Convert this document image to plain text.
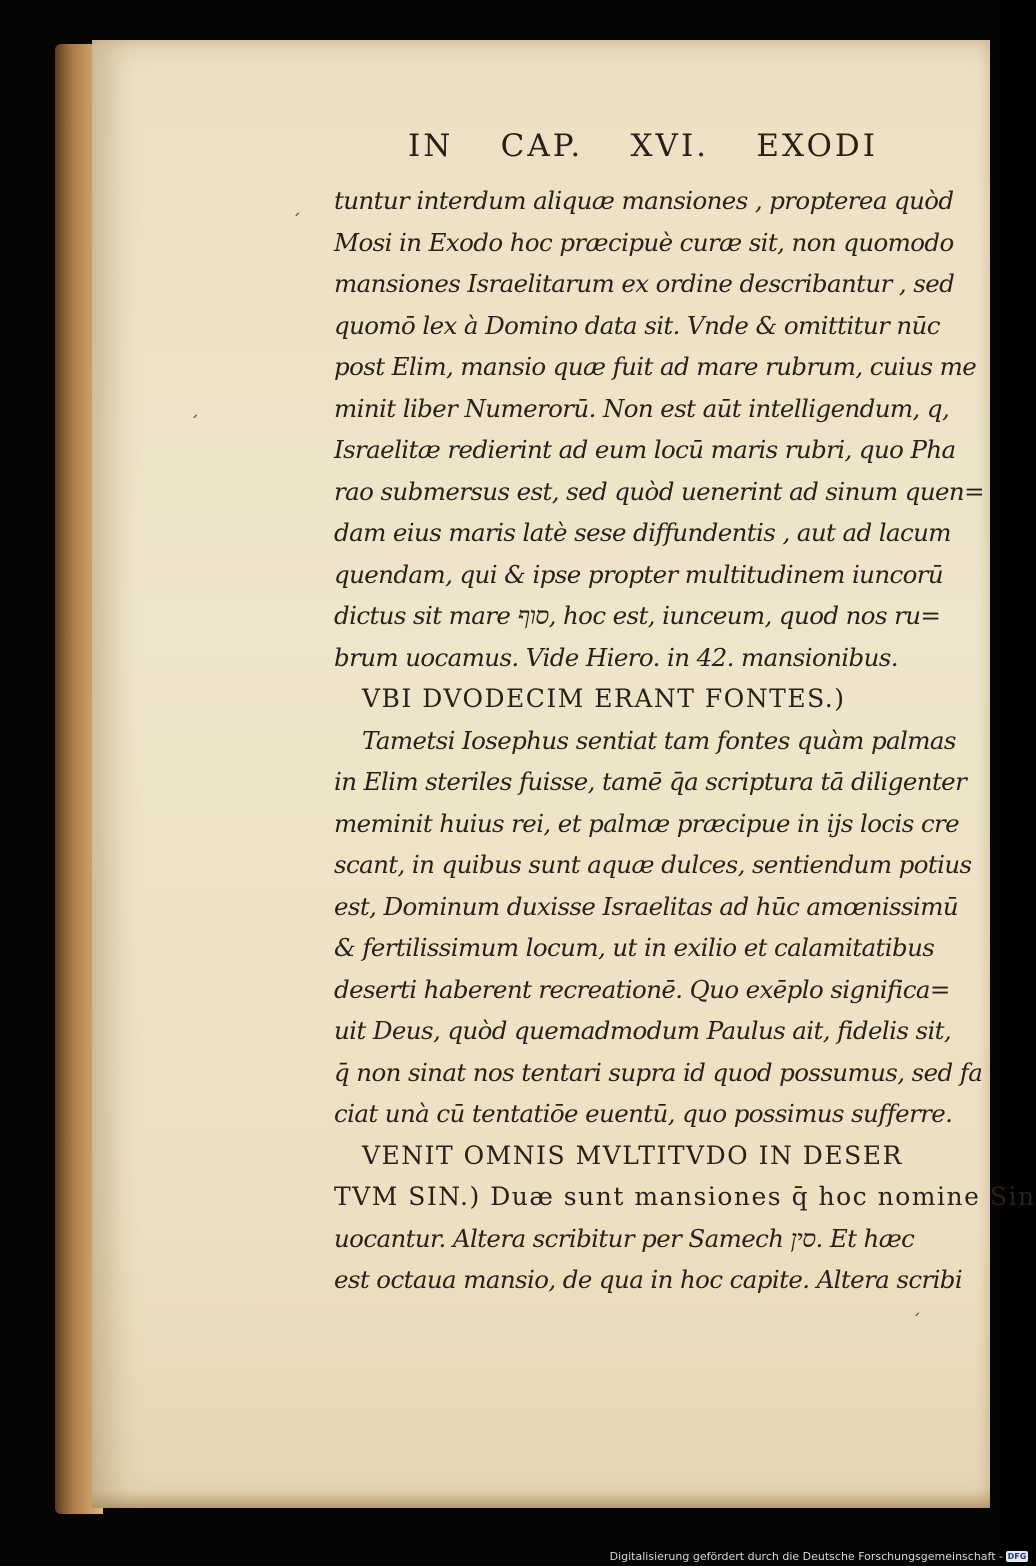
IN CAP. XVI. EXODI
tuntur interdum aliquæ mansiones , propterea quòd
Mosi in Exodo hoc præcipuè curæ sit, non quomodo
mansiones Israelitarum ex ordine describantur , sed
quomō lex à Domino data sit. Vnde & omittitur nūc
post Elim, mansio quæ fuit ad mare rubrum, cuius me
minit liber Numerorū. Non est aūt intelligendum, q,
Israelitæ redierint ad eum locū maris rubri, quo Pha
rao submersus est, sed quòd uenerint ad sinum quen=
dam eius maris latè sese diffundentis , aut ad lacum
quendam, qui & ipse propter multitudinem iuncorū
dictus sit mare סוף, hoc est, iunceum, quod nos ru=
brum uocamus. Vide Hiero. in 42. mansionibus.
VBI DVODECIM ERANT FONTES.)
Tametsi Iosephus sentiat tam fontes quàm palmas
in Elim steriles fuisse, tamē q̄a scriptura tā diligenter
meminit huius rei, et palmæ præcipue in ijs locis cre
scant, in quibus sunt aquæ dulces, sentiendum potius
est, Dominum duxisse Israelitas ad hūc amœnissimū
& fertilissimum locum, ut in exilio et calamitatibus
deserti haberent recreationē. Quo exēplo significa=
uit Deus, quòd quemadmodum Paulus ait, fidelis sit,
q̄ non sinat nos tentari supra id quod possumus, sed fa
ciat unà cū tentatiōe euentū, quo possimus sufferre.
VENIT OMNIS MVLTITVDO IN DESER
TVM SIN.) Duæ sunt mansiones q̄ hoc nomine Sin
uocantur. Altera scribitur per Samech סין. Et hæc
est octaua mansio, de qua in hoc capite. Altera scribi
ˏ
ˏ
ˏ
Digitalisierung gefördert durch die Deutsche Forschungsgemeinschaft - DFG
